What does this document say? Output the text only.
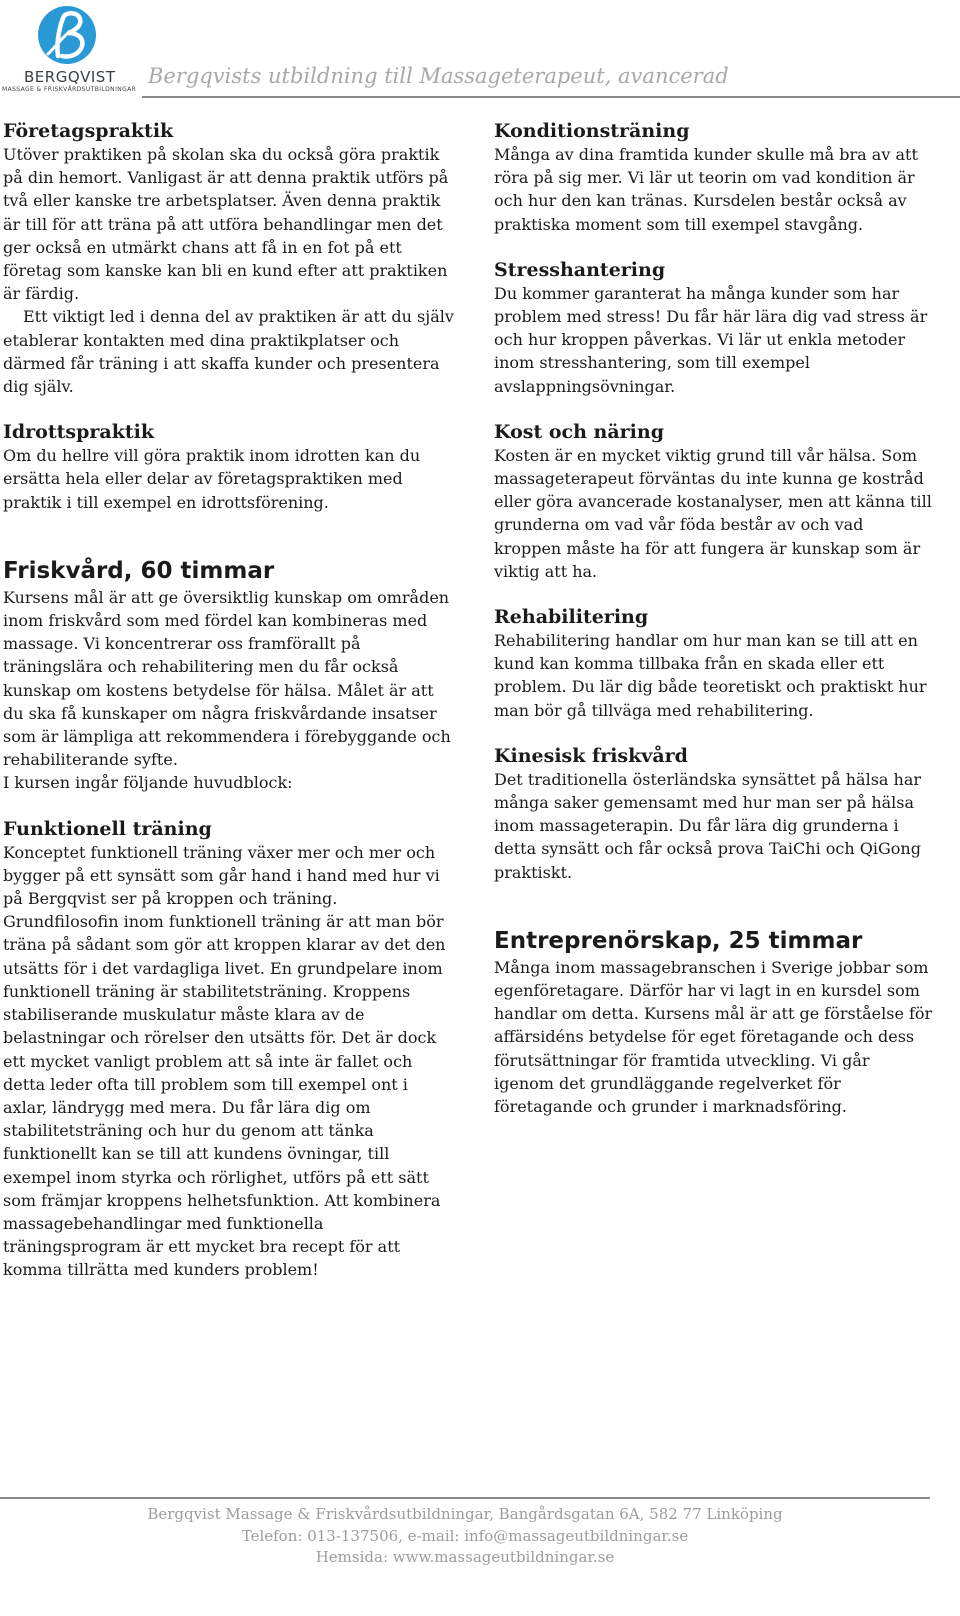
BERGQVIST
MASSAGE & FRISKVÅRDSUTBILDNINGAR
Bergqvists utbildning till Massageterapeut, avancerad
Företagspraktik

Utöver praktiken på skolan ska du också göra praktik på din hemort. Vanligast är att denna praktik utförs på två eller kanske tre arbetsplatser. Även denna praktik är till för att träna på att utföra behandlingar men det ger också en utmärkt chans att få in en fot på ett företag som kanske kan bli en kund efter att praktiken är färdig.

Ett viktigt led i denna del av praktiken är att du själv etablerar kontakten med dina praktikplatser och därmed får träning i att skaffa kunder och presentera dig själv.

Idrottspraktik

Om du hellre vill göra praktik inom idrotten kan du ersätta hela eller delar av företagspraktiken med praktik i till exempel en idrottsförening.

Friskvård, 60 timmar

Kursens mål är att ge översiktlig kunskap om områden inom friskvård som med fördel kan kombineras med massage. Vi koncentrerar oss framförallt på träningslära och rehabilitering men du får också kunskap om kostens betydelse för hälsa. Målet är att du ska få kunskaper om några friskvårdande insatser som är lämpliga att rekommendera i förebyggande och rehabiliterande syfte.

I kursen ingår följande huvudblock:

Funktionell träning

Konceptet funktionell träning växer mer och mer och bygger på ett synsätt som går hand i hand med hur vi på Bergqvist ser på kroppen och träning. Grundfilosofin inom funktionell träning är att man bör träna på sådant som gör att kroppen klarar av det den utsätts för i det vardagliga livet. En grundpelare inom funktionell träning är stabilitetsträning. Kroppens stabiliserande muskulatur måste klara av de belastningar och rörelser den utsätts för. Det är dock ett mycket vanligt problem att så inte är fallet och detta leder ofta till problem som till exempel ont i axlar, ländrygg med mera. Du får lära dig om stabilitetsträning och hur du genom att tänka funktionellt kan se till att kundens övningar, till exempel inom styrka och rörlighet, utförs på ett sätt som främjar kroppens helhetsfunktion. Att kombinera massagebehandlingar med funktionella träningsprogram är ett mycket bra recept för att komma tillrätta med kunders problem!

Konditionsträning

Många av dina framtida kunder skulle må bra av att röra på sig mer. Vi lär ut teorin om vad kondition är och hur den kan tränas. Kursdelen består också av praktiska moment som till exempel stavgång.

Stresshantering

Du kommer garanterat ha många kunder som har problem med stress! Du får här lära dig vad stress är och hur kroppen påverkas. Vi lär ut enkla metoder inom stresshantering, som till exempel avslappningsövningar.

Kost och näring

Kosten är en mycket viktig grund till vår hälsa. Som massageterapeut förväntas du inte kunna ge kostråd eller göra avancerade kostanalyser, men att känna till grunderna om vad vår föda består av och vad kroppen måste ha för att fungera är kunskap som är viktig att ha.

Rehabilitering

Rehabilitering handlar om hur man kan se till att en kund kan komma tillbaka från en skada eller ett problem. Du lär dig både teoretiskt och praktiskt hur man bör gå tillväga med rehabilitering.

Kinesisk friskvård

Det traditionella österländska synsättet på hälsa har många saker gemensamt med hur man ser på hälsa inom massageterapin. Du får lära dig grunderna i detta synsätt och får också prova TaiChi och QiGong praktiskt.

Entreprenörskap, 25 timmar

Många inom massagebranschen i Sverige jobbar som egenföretagare. Därför har vi lagt in en kursdel som handlar om detta. Kursens mål är att ge förståelse för affärsidéns betydelse för eget företagande och dess förutsättningar för framtida utveckling. Vi går igenom det grundläggande regelverket för företagande och grunder i marknadsföring.

Bergqvist Massage & Friskvårdsutbildningar, Bangårdsgatan 6A, 582 77 Linköping
Telefon: 013-137506, e-mail: info@massageutbildningar.se
Hemsida: www.massageutbildningar.se
